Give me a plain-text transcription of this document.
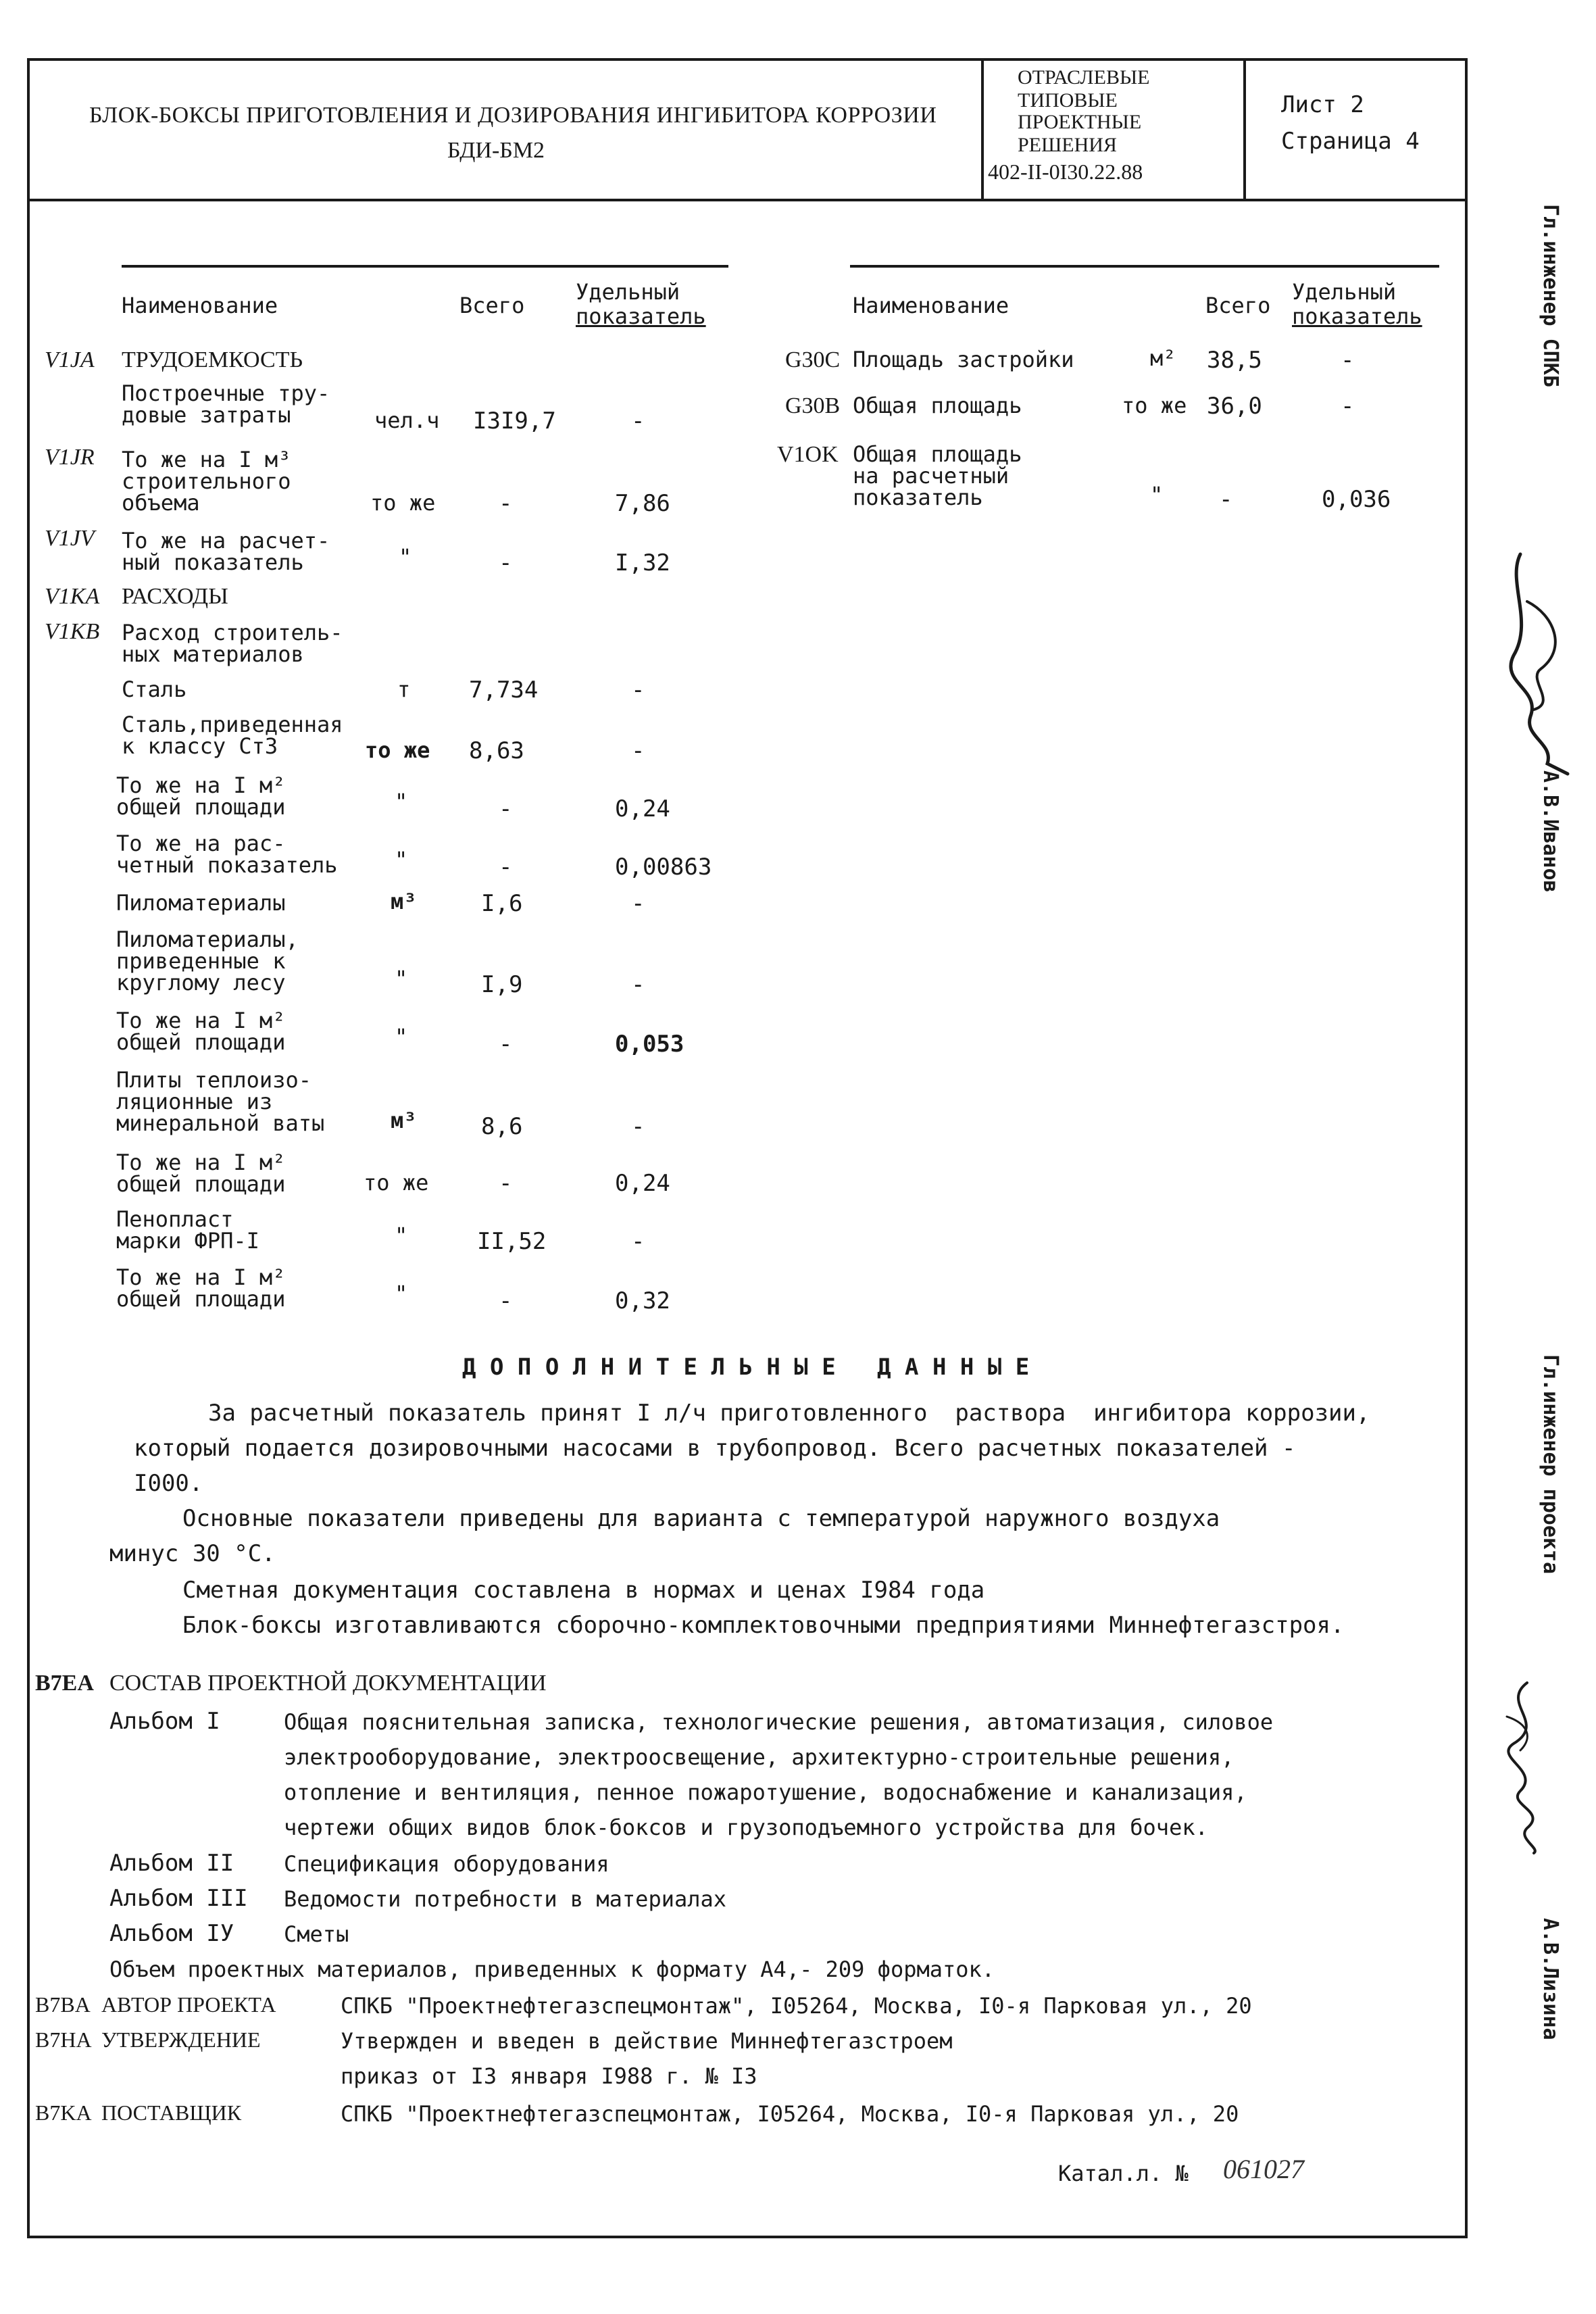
БЛОК-БОКСЫ ПРИГОТОВЛЕНИЯ И ДОЗИРОВАНИЯ ИНГИБИТОРА КОРРОЗИИ
БДИ-БМ2
ОТРАСЛЕВЫЕ
ТИПОВЫЕ
ПРОЕКТНЫЕ
РЕШЕНИЯ
402-II-0I30.22.88
Лист 2
Страница 4
Наименование	Всего
Удельный
показатель	Наименование	Всего
Удельный
показатель
V1JA ТРУДОЕМКОСТЬ
Построечные тру-
довые затраты	чел.ч I3I9,7	-
V1JR То же на I м³
строительного
объема	то же	-	7,86
V1JV То же на расчет-
ный показатель	"	-	I,32
V1KA РАСХОДЫ
V1KB Расход строитель-
ных материалов
Сталь	т	7,734	-
Сталь,приведенная
к классу Ст3	то же 8,63	-
То же на I м²
общей площади	"	-	0,24
То же на рас-
четный показатель	"	-	0,00863
Пиломатериалы	м³	I,6	-
Пиломатериалы,
приведенные к
круглому лесу	"	I,9	-
То же на I м²
общей площади	"	-	0,053
Плиты теплоизо-
ляционные из
минеральной ваты	м³	8,6	-
То же на I м²
общей площади	то же	-	0,24
Пенопласт
марки ФРП-I	"	II,52	-
То же на I м²
общей площади	"	-	0,32
G30C Площадь застройки	м² 38,5	-
G30B Общая площадь	то же 36,0	-
V1OK Общая площадь
на расчетный
показатель	" -	0,036
Д О П О Л Н И Т Е Л Ь Н Ы Е   Д А Н Н Ы Е
За расчетный показатель принят I л/ч приготовленного  раствора  ингибитора коррозии,
который подается дозировочными насосами в трубопровод. Всего расчетных показателей -
I000.
Основные показатели приведены для варианта с температурой наружного воздуха
минус 30 °С.
Сметная документация составлена в нормах и ценах I984 года
Блок-боксы изготавливаются сборочно-комплектовочными предприятиями Миннефтегазстроя.
B7EA СОСТАВ ПРОЕКТНОЙ ДОКУМЕНТАЦИИ
Альбом I	Общая пояснительная записка, технологические решения, автоматизация, силовое
электрооборудование, электроосвещение, архитектурно-строительные решения,
отопление и вентиляция, пенное пожаротушение, водоснабжение и канализация,
чертежи общих видов блок-боксов и грузоподъемного устройства для бочек.
Альбом II Спецификация оборудования
Альбом III Ведомости потребности в материалах
Альбом IУ Сметы
Объем проектных материалов, приведенных к формату А4,- 209 форматок.
B7BA АВТОР ПРОЕКТА	СПКБ "Проектнефтегазспецмонтаж", I05264, Москва, I0-я Парковая ул., 20
B7HA УТВЕРЖДЕНИЕ	Утвержден и введен в действие Миннефтегазстроем
приказ от I3 января I988 г. № I3
B7KA ПОСТАВЩИК	СПКБ "Проектнефтегазспецмонтаж, I05264, Москва, I0-я Парковая ул., 20
Катал.л. № 061027
Гл.инженер СПКБ
А.В.Иванов
Гл.инженер проекта
А.В.Лизина
